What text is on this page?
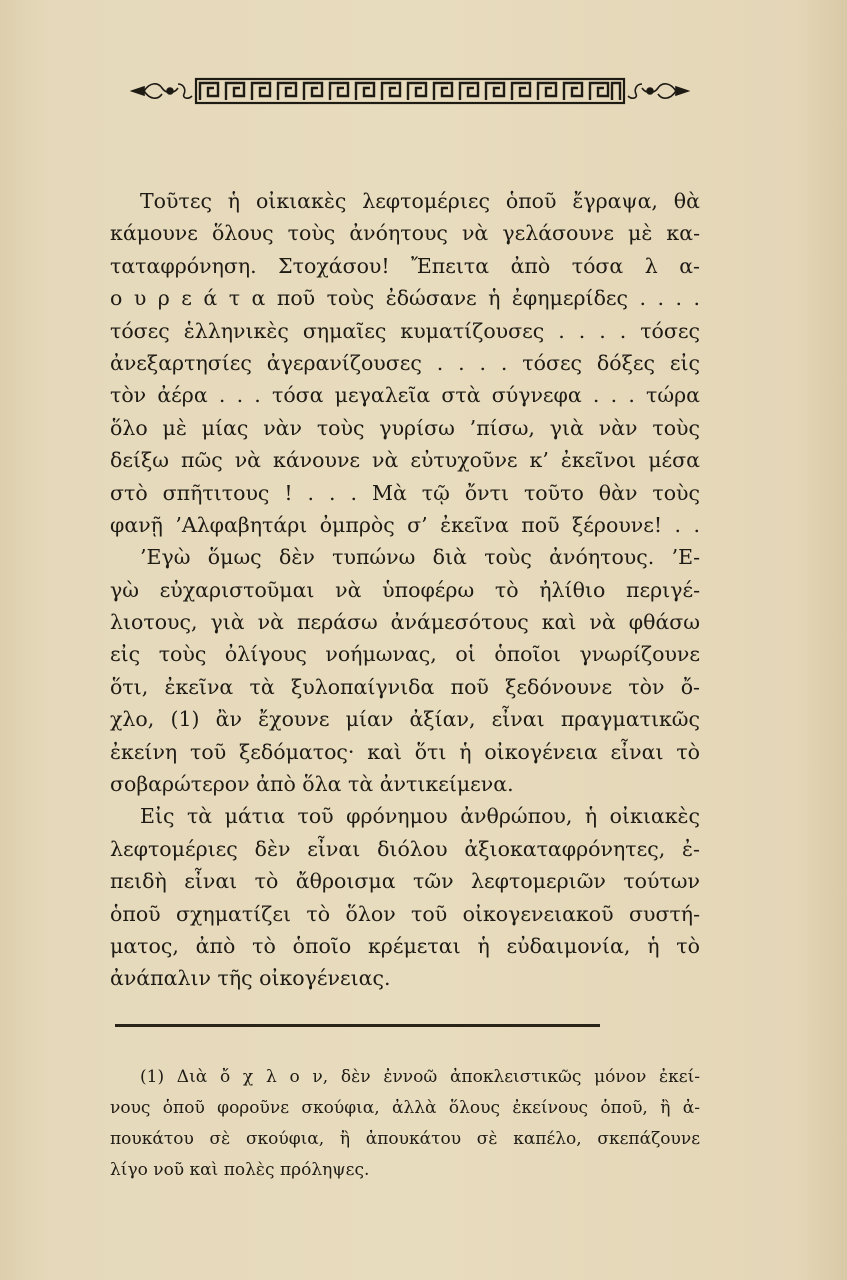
Τοῦτες ἡ οἰκιακὲς λεφτομέριες ὁποῦ ἔγραψα, θὰ
κάμουνε ὅλους τοὺς ἀνόητους νὰ γελάσουνε μὲ κα-
ταταφρόνηση. Στοχάσου! Ἔπειτα ἀπὸ τόσα λ α-
ο υ ρ ε ά τ α ποῦ τοὺς ἐδώσανε ἡ ἐφημερίδες . . . .
τόσες ἑλληνικὲς σημαῖες κυματίζουσες . . . . τόσες
ἀνεξαρτησίες ἀγερανίζουσες . . . . τόσες δόξες εἰς
τὸν ἀέρα . . . τόσα μεγαλεῖα στὰ σύγνεφα . . . τώρα
ὅλο μὲ μίας νὰν τοὺς γυρίσω ’πίσω, γιὰ νὰν τοὺς
δείξω πῶς νὰ κάνουνε νὰ εὐτυχοῦνε κ’ ἐκεῖνοι μέσα
στὸ σπῆτιτους ! . . . Μὰ τῷ ὄντι τοῦτο θὰν τοὺς
φανῇ ’Αλφαβητάρι ὀμπρὸς σ’ ἐκεῖνα ποῦ ξέρουνε! . .
’Εγὼ ὅμως δὲν τυπώνω διὰ τοὺς ἀνόητους. ’Ε-
γὼ εὐχαριστοῦμαι νὰ ὑποφέρω τὸ ἠλίθιο περιγέ-
λιοτους, γιὰ νὰ περάσω ἀνάμεσότους καὶ νὰ φθάσω
εἰς τοὺς ὀλίγους νοήμωνας, οἱ ὁποῖοι γνωρίζουνε
ὅτι, ἐκεῖνα τὰ ξυλοπαίγνιδα ποῦ ξεδόνουνε τὸν ὄ-
χλο, (1) ἂν ἔχουνε μίαν ἀξίαν, εἶναι πραγματικῶς
ἐκείνη τοῦ ξεδόματος· καὶ ὅτι ἡ οἰκογένεια εἶναι τὸ
σοβαρώτερον ἀπὸ ὅλα τὰ ἀντικείμενα.
Εἰς τὰ μάτια τοῦ φρόνημου ἀνθρώπου, ἡ οἰκιακὲς
λεφτομέριες δὲν εἶναι διόλου ἀξιοκαταφρόνητες, ἐ-
πειδὴ εἶναι τὸ ἄθροισμα τῶν λεφτομεριῶν τούτων
ὁποῦ σχηματίζει τὸ ὅλον τοῦ οἰκογενειακοῦ συστή-
ματος, ἀπὸ τὸ ὁποῖο κρέμεται ἡ εὐδαιμονία, ἡ τὸ
ἀνάπαλιν τῆς οἰκογένειας.
(1) Διὰ ὄ χ λ ο ν, δὲν ἐννοῶ ἀποκλειστικῶς μόνον ἐκεί-
νους ὁποῦ φοροῦνε σκούφια, ἀλλὰ ὅλους ἐκείνους ὁποῦ, ἢ ἀ-
πουκάτου σὲ σκούφια, ἢ ἀπουκάτου σὲ καπέλο, σκεπάζουνε
λίγο νοῦ καὶ πολὲς πρόληψες.
